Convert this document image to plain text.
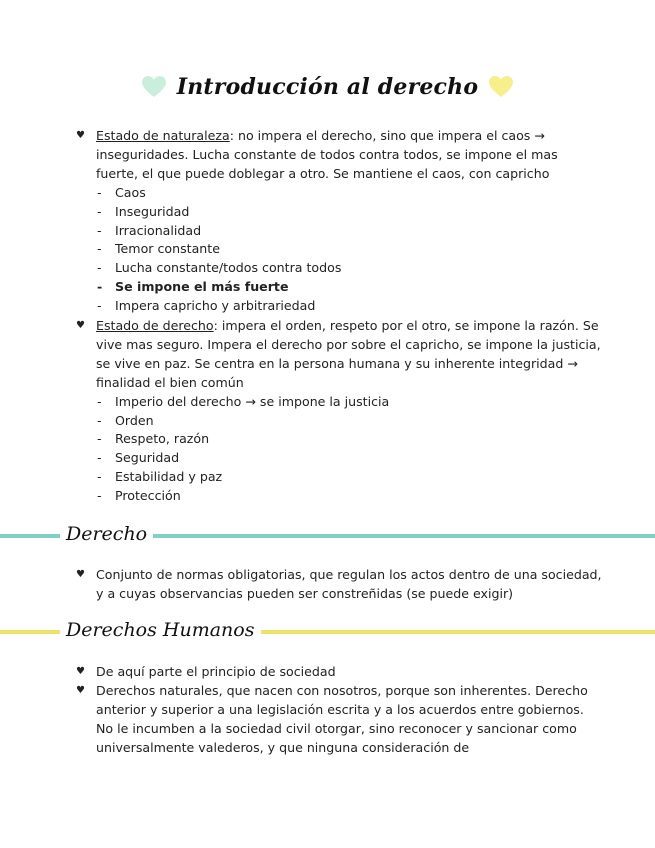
Introducción al derecho
♥ Estado de naturaleza: no impera el derecho, sino que impera el caos → inseguridades. Lucha constante de todos contra todos, se impone el mas fuerte, el que puede doblegar a otro. Se mantiene el caos, con capricho
- Caos
- Inseguridad
- Irracionalidad
- Temor constante
- Lucha constante/todos contra todos
- Se impone el más fuerte
- Impera capricho y arbitrariedad
♥ Estado de derecho: impera el orden, respeto por el otro, se impone la razón. Se vive mas seguro. Impera el derecho por sobre el capricho, se impone la justicia, se vive en paz. Se centra en la persona humana y su inherente integridad → finalidad el bien común
- Imperio del derecho → se impone la justicia
- Orden
- Respeto, razón
- Seguridad
- Estabilidad y paz
- Protección
Derecho
♥ Conjunto de normas obligatorias, que regulan los actos dentro de una sociedad, y a cuyas observancias pueden ser constreñidas (se puede exigir)
Derechos Humanos
♥ De aquí parte el principio de sociedad
♥ Derechos naturales, que nacen con nosotros, porque son inherentes. Derecho anterior y superior a una legislación escrita y a los acuerdos entre gobiernos. No le incumben a la sociedad civil otorgar, sino reconocer y sancionar como universalmente valederos, y que ninguna consideración de
